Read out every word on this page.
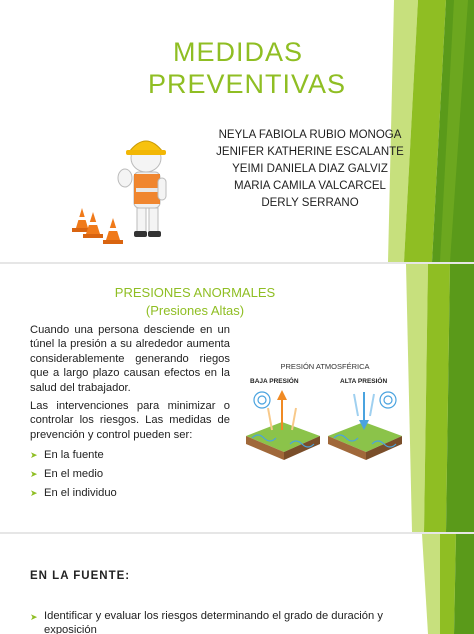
MEDIDAS PREVENTIVAS
NEYLA FABIOLA RUBIO MONOGA
JENIFER KATHERINE ESCALANTE
YEIMI DANIELA DIAZ GALVIZ
MARIA CAMILA VALCARCEL
DERLY SERRANO
PRESIONES ANORMALES
(Presiones Altas)

Cuando una persona desciende en un túnel la presión a su alrededor aumenta considerablemente generando riegos que a largo plazo causan efectos en la salud del trabajador.

Las intervenciones para minimizar o controlar los riesgos. Las medidas de prevención y control pueden ser:

➤ En la fuente
➤ En el medio
➤ En el individuo
PRESIÓN ATMOSFÉRICA
BAJA PRESIÓN	ALTA PRESIÓN
EN LA FUENTE:
➤ Identificar y evaluar los riesgos determinando el grado de duración y exposición
